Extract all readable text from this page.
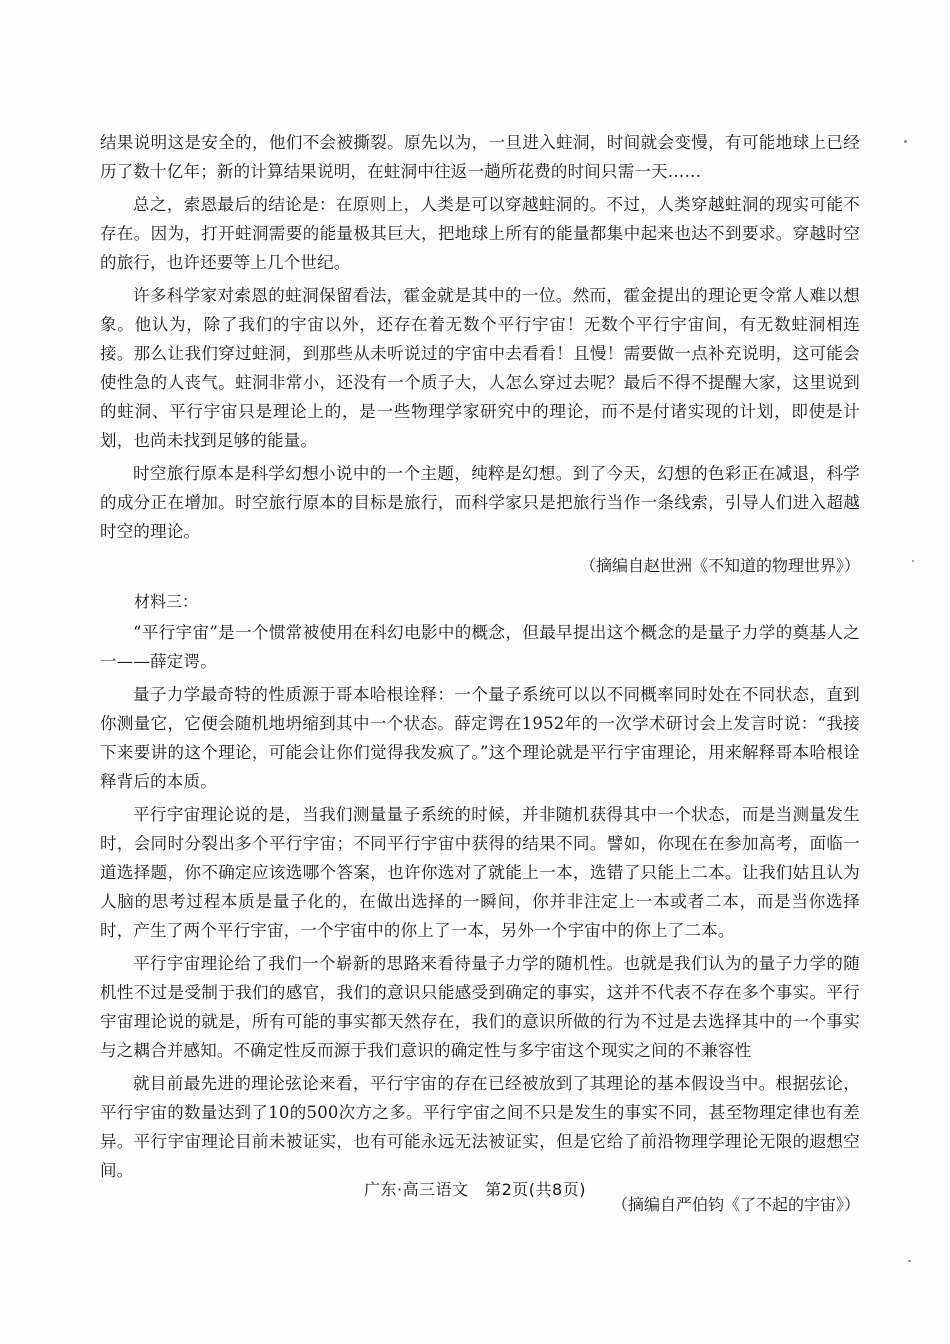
结果说明这是安全的，他们不会被撕裂。原先以为，一旦进入蛀洞，时间就会变慢，有可能地球上已经历了数十亿年；新的计算结果说明，在蛀洞中往返一趟所花费的时间只需一天……

总之，索恩最后的结论是：在原则上，人类是可以穿越蛀洞的。不过，人类穿越蛀洞的现实可能不存在。因为，打开蛀洞需要的能量极其巨大，把地球上所有的能量都集中起来也达不到要求。穿越时空的旅行，也许还要等上几个世纪。

许多科学家对索恩的蛀洞保留看法，霍金就是其中的一位。然而，霍金提出的理论更令常人难以想象。他认为，除了我们的宇宙以外，还存在着无数个平行宇宙！无数个平行宇宙间，有无数蛀洞相连接。那么让我们穿过蛀洞，到那些从未听说过的宇宙中去看看！且慢！需要做一点补充说明，这可能会使性急的人丧气。蛀洞非常小，还没有一个质子大，人怎么穿过去呢？最后不得不提醒大家，这里说到的蛀洞、平行宇宙只是理论上的，是一些物理学家研究中的理论，而不是付诸实现的计划，即使是计划，也尚未找到足够的能量。

时空旅行原本是科学幻想小说中的一个主题，纯粹是幻想。到了今天，幻想的色彩正在减退，科学的成分正在增加。时空旅行原本的目标是旅行，而科学家只是把旅行当作一条线索，引导人们进入超越时空的理论。

（摘编自赵世洲《不知道的物理世界》）
材料三：

“平行宇宙”是一个惯常被使用在科幻电影中的概念，但最早提出这个概念的是量子力学的奠基人之一——薛定谔。

量子力学最奇特的性质源于哥本哈根诠释：一个量子系统可以以不同概率同时处在不同状态，直到你测量它，它便会随机地坍缩到其中一个状态。薛定谔在1952年的一次学术研讨会上发言时说：“我接下来要讲的这个理论，可能会让你们觉得我发疯了。”这个理论就是平行宇宙理论，用来解释哥本哈根诠释背后的本质。

平行宇宙理论说的是，当我们测量量子系统的时候，并非随机获得其中一个状态，而是当测量发生时，会同时分裂出多个平行宇宙；不同平行宇宙中获得的结果不同。譬如，你现在在参加高考，面临一道选择题，你不确定应该选哪个答案，也许你选对了就能上一本，选错了只能上二本。让我们姑且认为人脑的思考过程本质是量子化的，在做出选择的一瞬间，你并非注定上一本或者二本，而是当你选择时，产生了两个平行宇宙，一个宇宙中的你上了一本，另外一个宇宙中的你上了二本。

平行宇宙理论给了我们一个崭新的思路来看待量子力学的随机性。也就是我们认为的量子力学的随机性不过是受制于我们的感官，我们的意识只能感受到确定的事实，这并不代表不存在多个事实。平行宇宙理论说的就是，所有可能的事实都天然存在，我们的意识所做的行为不过是去选择其中的一个事实与之耦合并感知。不确定性反而源于我们意识的确定性与多宇宙这个现实之间的不兼容性

就目前最先进的理论弦论来看，平行宇宙的存在已经被放到了其理论的基本假设当中。根据弦论，平行宇宙的数量达到了10的500次方之多。平行宇宙之间不只是发生的事实不同，甚至物理定律也有差异。平行宇宙理论目前未被证实，也有可能永远无法被证实，但是它给了前沿物理学理论无限的遐想空间。

（摘编自严伯钧《了不起的宇宙》）
广东·高三语文　第2页(共8页)
